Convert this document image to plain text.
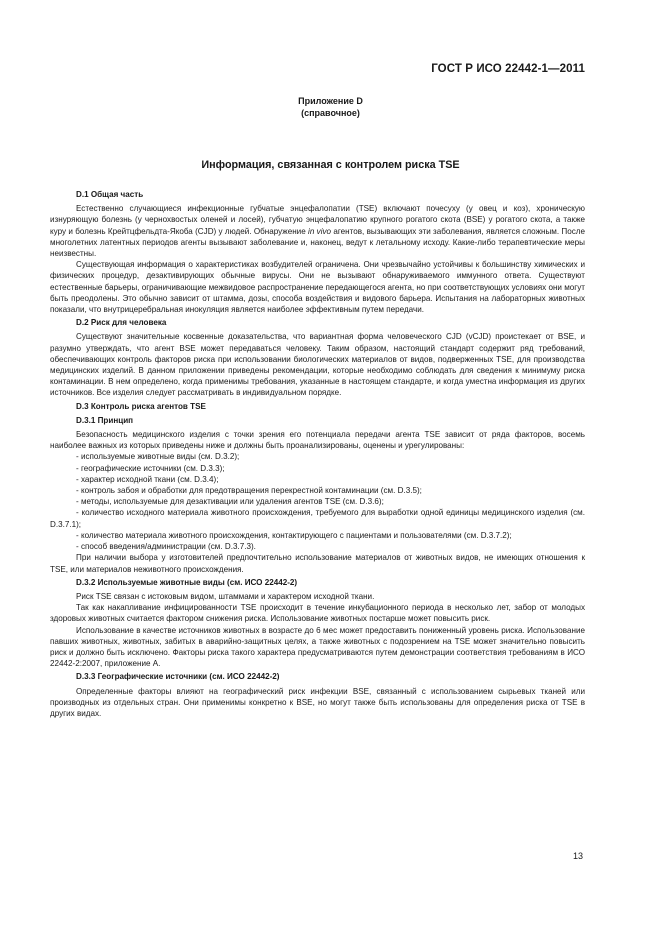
ГОСТ Р ИСО 22442-1—2011
Приложение D
(справочное)
Информация, связанная с контролем риска TSE
D.1 Общая часть

Естественно случающиеся инфекционные губчатые энцефалопатии (TSE) включают почесуху (у овец и коз), хроническую изнуряющую болезнь (у чернохвостых оленей и лосей), губчатую энцефалопатию крупного рогатого скота (BSE) у рогатого скота, а также куру и болезнь Крейтцфельдта-Якоба (CJD) у людей. Обнаружение in vivo агентов, вызывающих эти заболевания, является сложным. После многолетних латентных периодов агенты вызывают заболевание и, наконец, ведут к летальному исходу. Какие-либо терапевтические меры неизвестны.

Существующая информация о характеристиках возбудителей ограничена. Они чрезвычайно устойчивы к большинству химических и физических процедур, дезактивирующих обычные вирусы. Они не вызывают обнаруживаемого иммунного ответа. Существуют естественные барьеры, ограничивающие межвидовое распространение передающегося агента, но при соответствующих условиях они могут быть преодолены. Это обычно зависит от штамма, дозы, способа воздействия и видового барьера. Испытания на лабораторных животных показали, что внутрицеребральная инокуляция является наиболее эффективным путем передачи.

D.2 Риск для человека

Существуют значительные косвенные доказательства, что вариантная форма человеческого CJD (vCJD) проистекает от BSE, и разумно утверждать, что агент BSE может передаваться человеку. Таким образом, настоящий стандарт содержит ряд требований, обеспечивающих контроль факторов риска при использовании биологических материалов от видов, подверженных TSE, для производства медицинских изделий. В данном приложении приведены рекомендации, которые необходимо соблюдать для сведения к минимуму риска контаминации. В нем определено, когда применимы требования, указанные в настоящем стандарте, и когда уместна информация из других источников. Все изделия следует рассматривать в индивидуальном порядке.

D.3 Контроль риска агентов TSE
D.3.1 Принцип

Безопасность медицинского изделия с точки зрения его потенциала передачи агента TSE зависит от ряда факторов, восемь наиболее важных из которых приведены ниже и должны быть проанализированы, оценены и урегулированы:

- используемые животные виды (см. D.3.2);
- географические источники (см. D.3.3);
- характер исходной ткани (см. D.3.4);
- контроль забоя и обработки для предотвращения перекрестной контаминации (см. D.3.5);
- методы, используемые для дезактивации или удаления агентов TSE (см. D.3.6);
- количество исходного материала животного происхождения, требуемого для выработки одной единицы медицинского изделия (см. D.3.7.1);
- количество материала животного происхождения, контактирующего с пациентами и пользователями (см. D.3.7.2);
- способ введения/администрации (см. D.3.7.3).

При наличии выбора у изготовителей предпочтительно использование материалов от животных видов, не имеющих отношения к TSE, или материалов неживотного происхождения.

D.3.2 Используемые животные виды (см. ИСО 22442-2)

Риск TSE связан с истоковым видом, штаммами и характером исходной ткани.

Так как накапливание инфицированности TSE происходит в течение инкубационного периода в несколько лет, забор от молодых здоровых животных считается фактором снижения риска. Использование животных постарше может повысить риск.

Использование в качестве источников животных в возрасте до 6 мес может предоставить пониженный уровень риска. Использование павших животных, животных, забитых в аварийно-защитных целях, а также животных с подозрением на TSE может значительно повысить риск и должно быть исключено. Факторы риска такого характера предусматриваются путем демонстрации соответствия требованиям в ИСО 22442-2:2007, приложение А.

D.3.3 Географические источники (см. ИСО 22442-2)

Определенные факторы влияют на географический риск инфекции BSE, связанный с использованием сырьевых тканей или производных из отдельных стран. Они применимы конкретно к BSE, но могут также быть использованы для определения риска от TSE в других видах.

13
